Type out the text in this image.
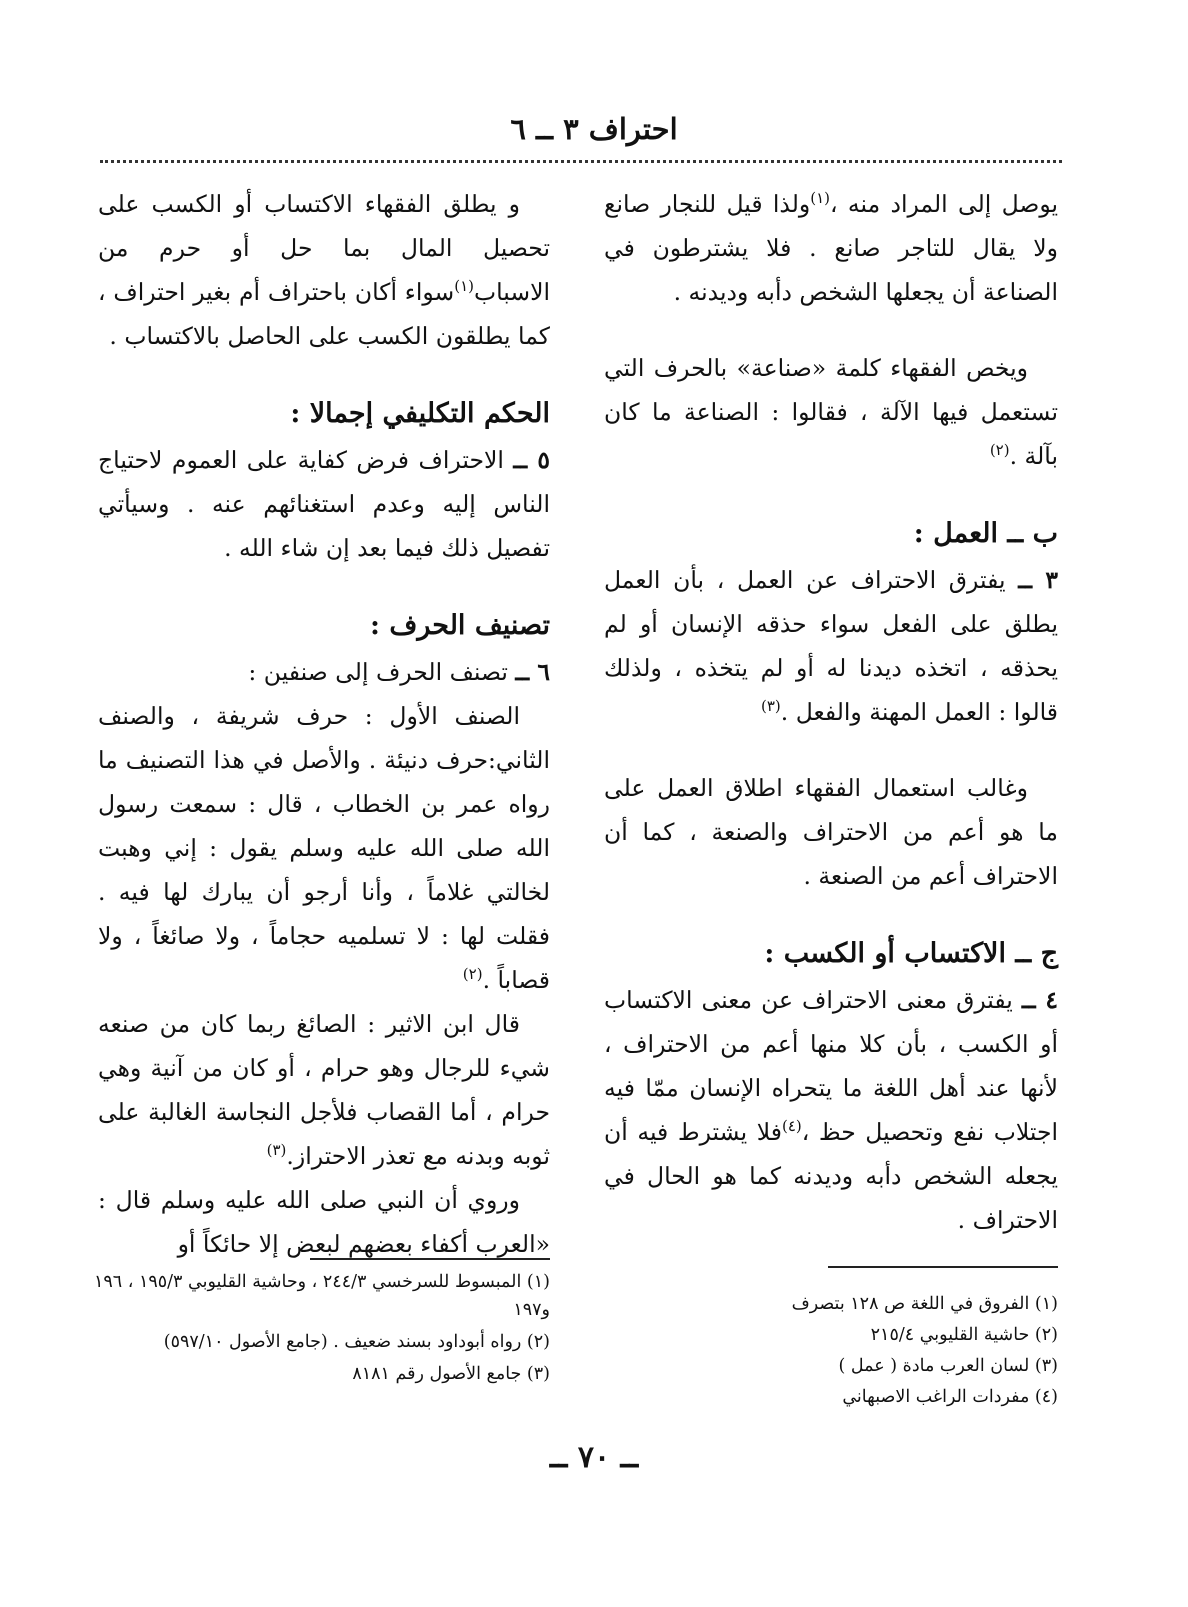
احتراف ٣ ــ ٦

يوصل إلى المراد منه ،$^{(١)}$ولذا قيل للنجار صانع ولا يقال للتاجر صانع . فلا يشترطون في الصناعة أن يجعلها الشخص دأبه وديدنه .

ويخص الفقهاء كلمة «صناعة» بالحرف التي تستعمل فيها الآلة ، فقالوا : الصناعة ما كان بآلة .$^{(٢)}$

ب ــ العمل :

٣ ــ يفترق الاحتراف عن العمل ، بأن العمل يطلق على الفعل سواء حذقه الإنسان أو لم يحذقه ، اتخذه ديدنا له أو لم يتخذه ، ولذلك قالوا : العمل المهنة والفعل .$^{(٣)}$

وغالب استعمال الفقهاء اطلاق العمل على ما هو أعم من الاحتراف والصنعة ، كما أن الاحتراف أعم من الصنعة .

ج ــ الاكتساب أو الكسب :

٤ ــ يفترق معنى الاحتراف عن معنى الاكتساب أو الكسب ، بأن كلا منها أعم من الاحتراف ، لأنها عند أهل اللغة ما يتحراه الإنسان ممّا فيه اجتلاب نفع وتحصيل حظ ،$^{(٤)}$فلا يشترط فيه أن يجعله الشخص دأبه وديدنه كما هو الحال في الاحتراف .

و يطلق الفقهاء الاكتساب أو الكسب على تحصيل المال بما حل أو حرم من الاسباب$^{(١)}$سواء أكان باحتراف أم بغير احتراف ، كما يطلقون الكسب على الحاصل بالاكتساب .

الحكم التكليفي إجمالا :

٥ ــ الاحتراف فرض كفاية على العموم لاحتياج الناس إليه وعدم استغنائهم عنه . وسيأتي تفصيل ذلك فيما بعد إن شاء الله .

تصنيف الحرف :

٦ ــ تصنف الحرف إلى صنفين :

الصنف الأول : حرف شريفة ، والصنف الثاني:حرف دنيئة . والأصل في هذا التصنيف ما رواه عمر بن الخطاب ، قال : سمعت رسول الله صلى الله عليه وسلم يقول : إني وهبت لخالتي غلاماً ، وأنا أرجو أن يبارك لها فيه . فقلت لها : لا تسلميه حجاماً ، ولا صائغاً ، ولا قصاباً .$^{(٢)}$

قال ابن الاثير : الصائغ ربما كان من صنعه شيء للرجال وهو حرام ، أو كان من آنية وهي حرام ، أما القصاب فلأجل النجاسة الغالبة على ثوبه وبدنه مع تعذر الاحتراز.$^{(٣)}$

وروي أن النبي صلى الله عليه وسلم قال : «العرب أكفاء بعضهم لبعض إلا حائكاً أو

(١) الفروق في اللغة ص ١٢٨ بتصرف
(٢) حاشية القليوبي ٢١٥/٤
(٣) لسان العرب مادة ( عمل )
(٤) مفردات الراغب الاصبهاني
(١) المبسوط للسرخسي ٢٤٤/٣ ، وحاشية القليوبي ١٩٥/٣ ، ١٩٦ و١٩٧
(٢) رواه أبوداود بسند ضعيف . (جامع الأصول ٥٩٧/١٠)
(٣) جامع الأصول رقم ٨١٨١
ــ ٧٠ ــ
